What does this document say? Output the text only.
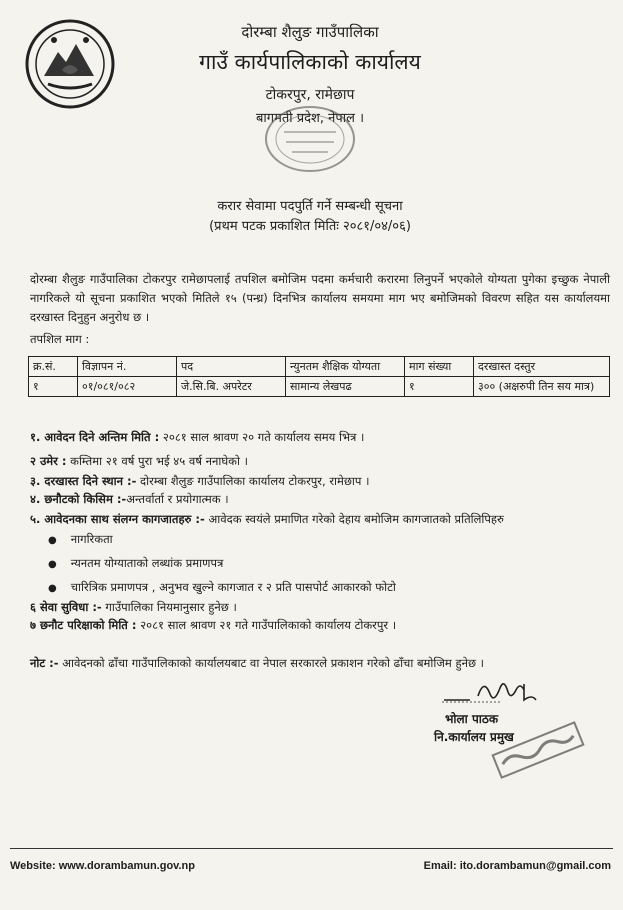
दोरम्बा शैलुङ गाउँपालिका
गाउँ कार्यपालिकाको कार्यालय
टोकरपुर, रामेछाप
बागमती प्रदेश, नेपाल ।
करार सेवामा पदपुर्ति गर्ने सम्बन्धी सूचना
(प्रथम पटक प्रकाशित मितिः २०८१/०४/०६)
दोरम्बा शैलुङ गाउँपालिका टोकरपुर रामेछापलाई तपशिल बमोजिम पदमा कर्मचारी करारमा लिनुपर्ने भएकोले योग्यता पुगेका इच्छुक नेपाली नागरिकले यो सूचना प्रकाशित भएको मितिले १५ (पन्ध्र) दिनभित्र कार्यालय समयमा माग भए बमोजिमको विवरण सहित यस कार्यालयमा दरखास्त दिनुहुन अनुरोध छ ।
तपशिल माग :
क्र.सं.	विज्ञापन नं.	पद	न्युनतम शैक्षिक योग्यता	माग संख्या	दरखास्त दस्तुर
१	०१/०८१/०८२	जे.सि.बि. अपरेटर	सामान्य लेखपढ	१	३०० (अक्षरुपी तिन सय मात्र)
१. आवेदन दिने अन्तिम मिति : २०८१ साल श्रावण २० गते कार्यालय समय भित्र ।
२ उमेर : कम्तिमा २१ वर्ष पुरा भई ४५ वर्ष ननाघेको ।
३. दरखास्त दिने स्थान :- दोरम्बा शैलुङ गाउँपालिका कार्यालय टोकरपुर, रामेछाप ।
४. छनौटको किसिम :-अन्तर्वार्ता र प्रयोगात्मक ।
५. आवेदनका साथ संलग्न कागजातहरु :- आवेदक स्वयंले प्रमाणित गरेको देहाय बमोजिम कागजातको प्रतिलिपिहरु
● नागरिकता
● न्यनतम योग्याताको लब्धांक प्रमाणपत्र
● चारित्रिक प्रमाणपत्र , अनुभव खुल्ने कागजात र २ प्रति पासपोर्ट आकारको फोटो
६ सेवा सुविधा :- गाउँपालिका नियमानुसार हुनेछ ।
७ छनौट परिक्षाको मिति : २०८१ साल श्रावण २१ गते गाउँपालिकाको कार्यालय टोकरपुर ।
नोट :- आवेदनको ढाँचा गाउँपालिकाको कार्यालयबाट वा नेपाल सरकारले प्रकाशन गरेको ढाँचा बमोजिम हुनेछ ।
भोला पाठक
नि.कार्यालय प्रमुख
Website: www.dorambamun.gov.np	Email: ito.dorambamun@gmail.com
